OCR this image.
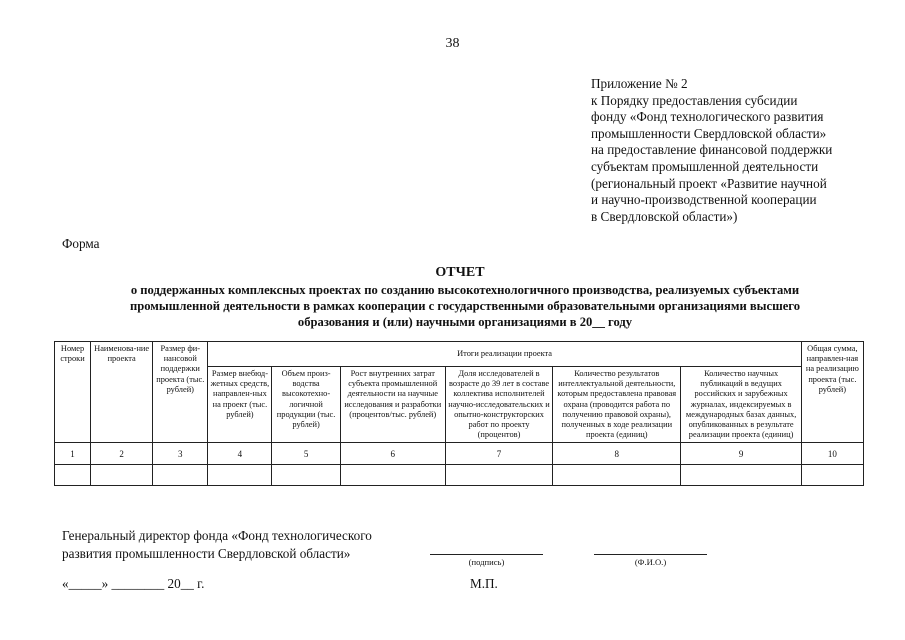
38
Приложение № 2
к Порядку предоставления субсидии
фонду «Фонд технологического развития
промышленности Свердловской области»
на предоставление финансовой поддержки
субъектам промышленной деятельности
(региональный проект «Развитие научной
и научно-производственной кооперации
в Свердловской области»)
Форма
ОТЧЕТ
о поддержанных комплексных проектах по созданию высокотехнологичного производства, реализуемых субъектами
промышленной деятельности в рамках кооперации с государственными образовательными организациями высшего
образования и (или) научными организациями в 20__ году
Номер строки	Наименова-ние проекта	Размер фи-нансовой поддержки проекта (тыс. рублей)	Итоги реализации проекта						Общая сумма, направлен-ная на реализацию проекта (тыс. рублей)
			Размер внебюд-жетных средств, направлен-ных на проект (тыс. рублей)	Объем произ-водства высокотехно-логичной продукции (тыс. рублей)	Рост внутренних затрат субъекта промышленной деятельности на научные исследования и разработки (процентов/тыс. рублей)	Доля исследователей в возрасте до 39 лет в составе коллектива исполнителей научно-исследовательских и опытно-конструкторских работ по проекту (процентов)	Количество результатов интеллектуальной деятельности, которым предоставлена правовая охрана (проводится работа по получению правовой охраны), полученных в ходе реализации проекта (единиц)	Количество научных публикаций в ведущих российских и зарубежных журналах, индексируемых в международных базах данных, опубликованных в результате реализации проекта (единиц)	
1	2	3	4	5	6	7	8	9	10

Генеральный директор фонда «Фонд технологического
развития промышленности Свердловской области»
(подпись)	(Ф.И.О.)
«_____» ________ 20__ г.	М.П.
